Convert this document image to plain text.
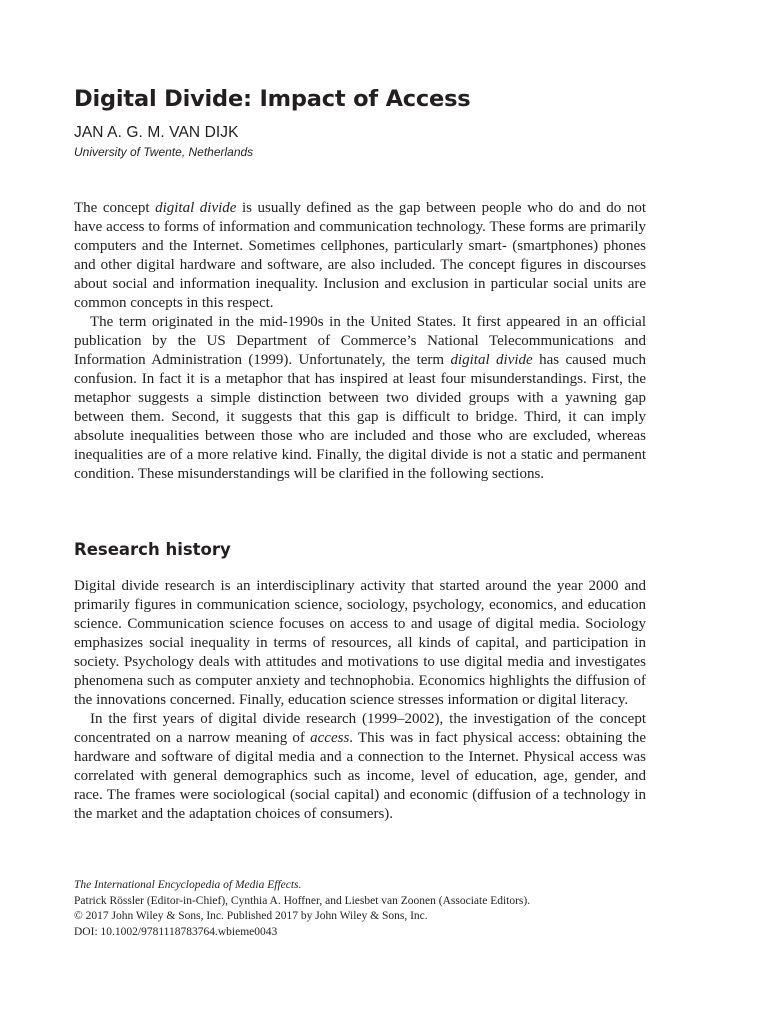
Digital Divide: Impact of Access
JAN A. G. M. VAN DIJK
University of Twente, Netherlands

The concept digital divide is usually defined as the gap between people who do and do not have access to forms of information and communication technology. These forms are primarily computers and the Internet. Sometimes cellphones, particularly smart- (smartphones) phones and other digital hardware and software, are also included. The concept figures in discourses about social and information inequality. Inclusion and exclusion in particular social units are common concepts in this respect.

The term originated in the mid-1990s in the United States. It first appeared in an official publication by the US Department of Commerce’s National Telecommunications and Information Administration (1999). Unfortunately, the term digital divide has caused much confusion. In fact it is a metaphor that has inspired at least four misunderstandings. First, the metaphor suggests a simple distinction between two divided groups with a yawning gap between them. Second, it suggests that this gap is difficult to bridge. Third, it can imply absolute inequalities between those who are included and those who are excluded, whereas inequalities are of a more relative kind. Finally, the digital divide is not a static and permanent condition. These misunderstandings will be clarified in the following sections.

Research history

Digital divide research is an interdisciplinary activity that started around the year 2000 and primarily figures in communication science, sociology, psychology, economics, and education science. Communication science focuses on access to and usage of digital media. Sociology emphasizes social inequality in terms of resources, all kinds of capital, and participation in society. Psychology deals with attitudes and motivations to use digital media and investigates phenomena such as computer anxiety and technophobia. Economics highlights the diffusion of the innovations concerned. Finally, education science stresses information or digital literacy.

In the first years of digital divide research (1999–2002), the investigation of the concept concentrated on a narrow meaning of access. This was in fact physical access: obtaining the hardware and software of digital media and a connection to the Internet. Physical access was correlated with general demographics such as income, level of education, age, gender, and race. The frames were sociological (social capital) and economic (diffusion of a technology in the market and the adaptation choices of consumers).

The International Encyclopedia of Media Effects.
Patrick Rössler (Editor-in-Chief), Cynthia A. Hoffner, and Liesbet van Zoonen (Associate Editors).
© 2017 John Wiley & Sons, Inc. Published 2017 by John Wiley & Sons, Inc.
DOI: 10.1002/9781118783764.wbieme0043
